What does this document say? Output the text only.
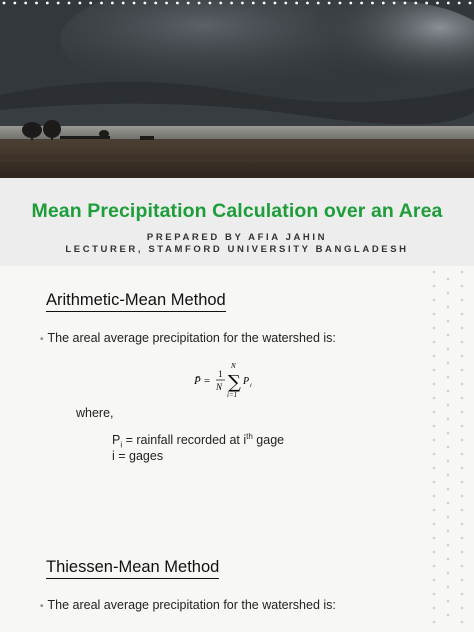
Mean Precipitation Calculation over an Area
PREPARED BY AFIA JAHIN
LECTURER, STAMFORD UNIVERSITY BANGLADESH
Arithmetic-Mean Method
• The areal average precipitation for the watershed is:
P̄ =
1
N ∑
N
i=1
P i
where,
$P_i$ = rainfall recorded at $i^{th}$ gage
i = gages
Thiessen-Mean Method
• The areal average precipitation for the watershed is:
